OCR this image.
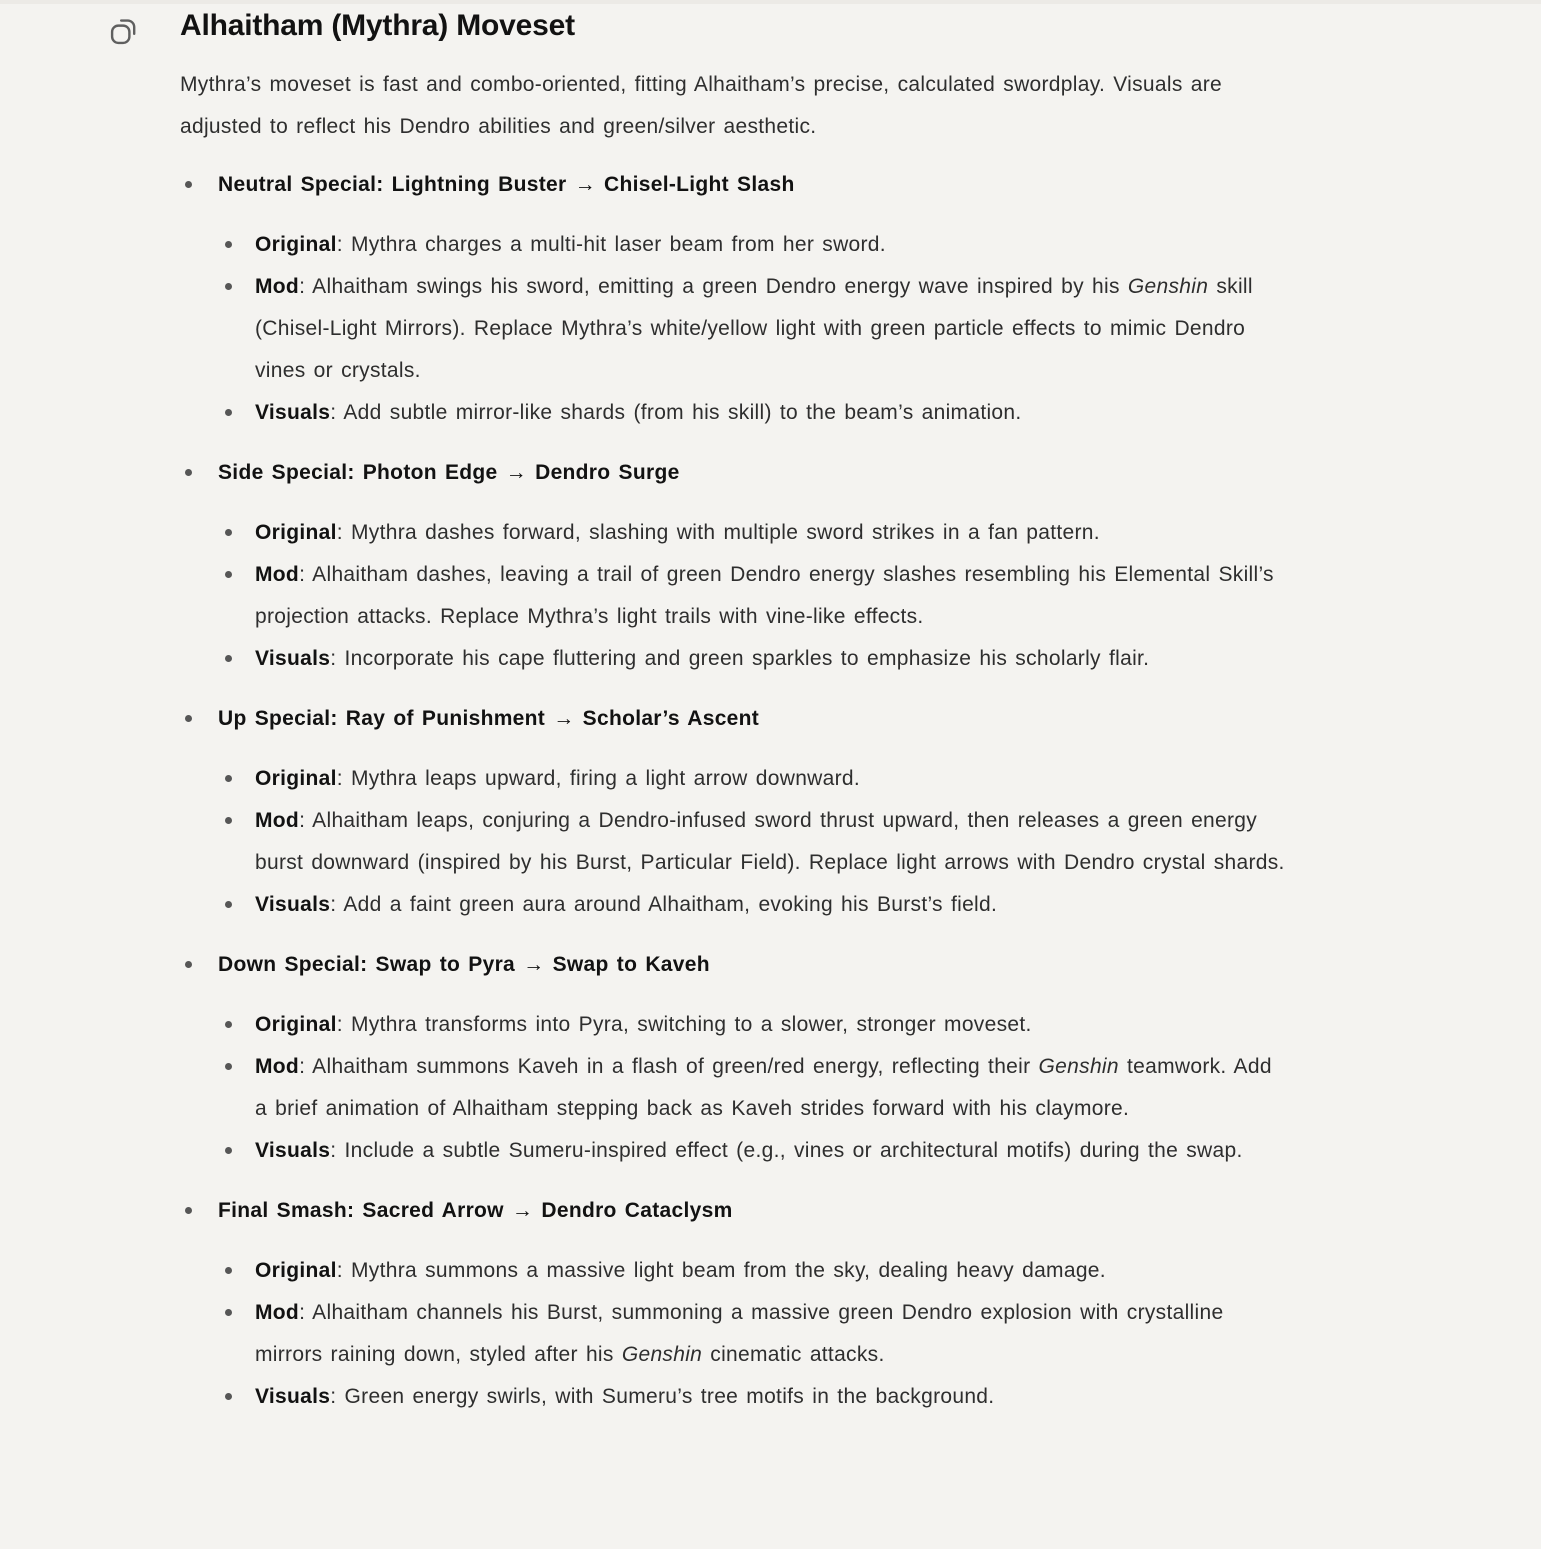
Alhaitham (Mythra) Moveset

Mythra’s moveset is fast and combo-oriented, fitting Alhaitham’s precise, calculated swordplay. Visuals are adjusted to reflect his Dendro abilities and green/silver aesthetic.

Neutral Special: Lightning Buster → Chisel-Light Slash
Original: Mythra charges a multi-hit laser beam from her sword.
Mod: Alhaitham swings his sword, emitting a green Dendro energy wave inspired by his Genshin skill (Chisel-Light Mirrors). Replace Mythra’s white/yellow light with green particle effects to mimic Dendro vines or crystals.
Visuals: Add subtle mirror-like shards (from his skill) to the beam’s animation.
Side Special: Photon Edge → Dendro Surge
Original: Mythra dashes forward, slashing with multiple sword strikes in a fan pattern.
Mod: Alhaitham dashes, leaving a trail of green Dendro energy slashes resembling his Elemental Skill’s projection attacks. Replace Mythra’s light trails with vine-like effects.
Visuals: Incorporate his cape fluttering and green sparkles to emphasize his scholarly flair.
Up Special: Ray of Punishment → Scholar’s Ascent
Original: Mythra leaps upward, firing a light arrow downward.
Mod: Alhaitham leaps, conjuring a Dendro-infused sword thrust upward, then releases a green energy burst downward (inspired by his Burst, Particular Field). Replace light arrows with Dendro crystal shards.
Visuals: Add a faint green aura around Alhaitham, evoking his Burst’s field.
Down Special: Swap to Pyra → Swap to Kaveh
Original: Mythra transforms into Pyra, switching to a slower, stronger moveset.
Mod: Alhaitham summons Kaveh in a flash of green/red energy, reflecting their Genshin teamwork. Add a brief animation of Alhaitham stepping back as Kaveh strides forward with his claymore.
Visuals: Include a subtle Sumeru-inspired effect (e.g., vines or architectural motifs) during the swap.
Final Smash: Sacred Arrow → Dendro Cataclysm
Original: Mythra summons a massive light beam from the sky, dealing heavy damage.
Mod: Alhaitham channels his Burst, summoning a massive green Dendro explosion with crystalline mirrors raining down, styled after his Genshin cinematic attacks.
Visuals: Green energy swirls, with Sumeru’s tree motifs in the background.
